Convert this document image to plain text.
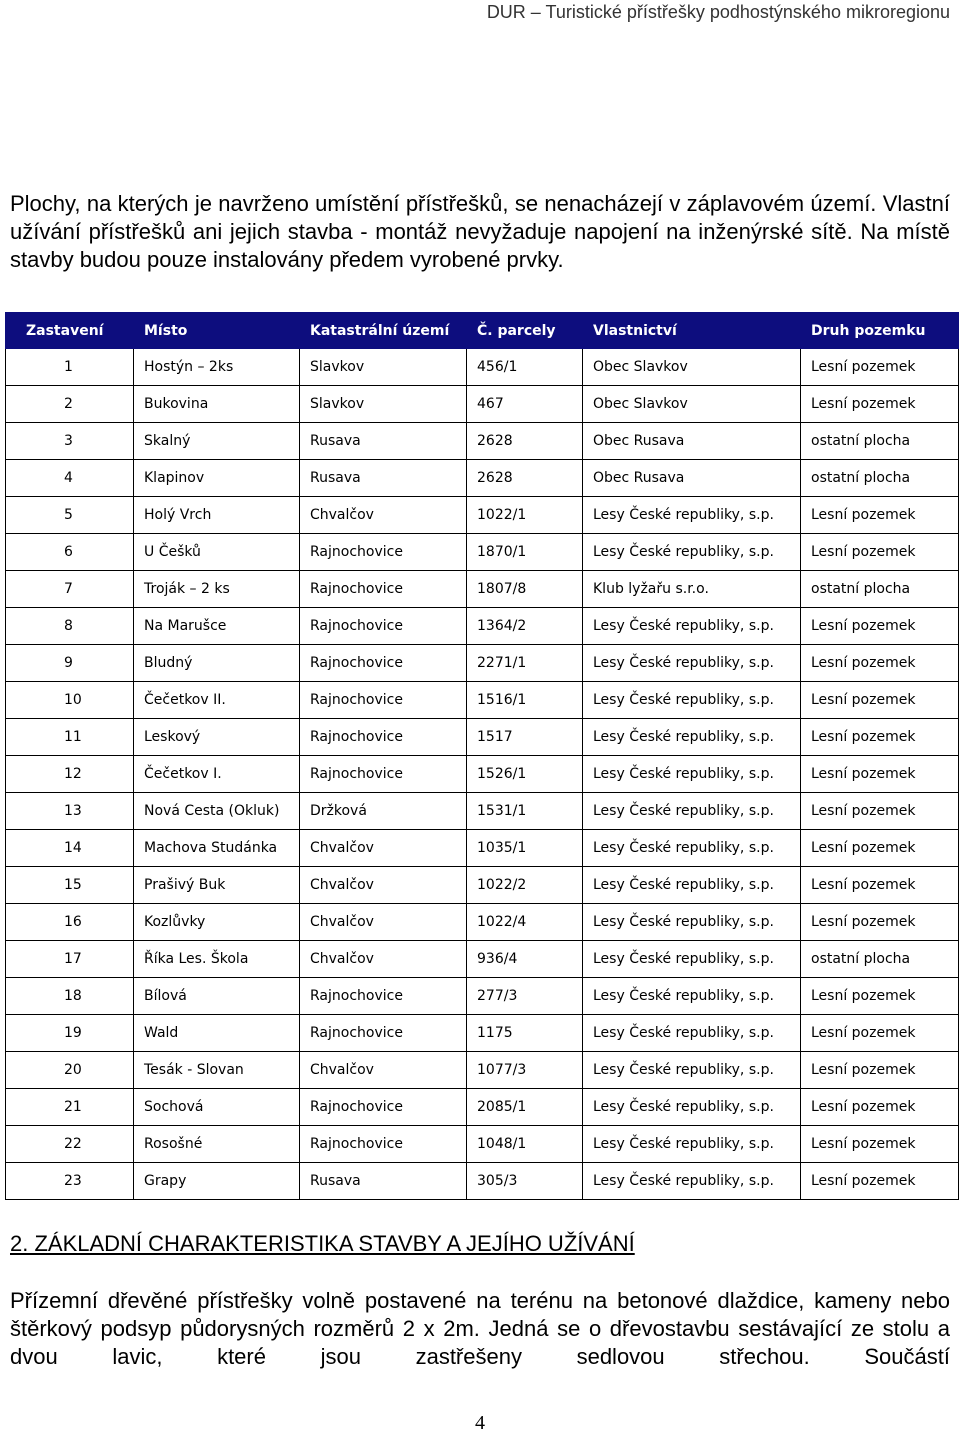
DUR – Turistické přístřešky podhostýnského mikroregionu

Plochy, na kterých je navrženo umístění přístřešků, se nenacházejí v záplavovém území. Vlastní užívání přístřešků ani jejich stavba - montáž nevyžaduje napojení na inženýrské sítě. Na místě stavby budou pouze instalovány předem vyrobené prvky.

Zastavení	Místo	Katastrální území	Č. parcely	Vlastnictví	Druh pozemku
1	Hostýn – 2ks	Slavkov	456/1	Obec Slavkov	Lesní pozemek
2	Bukovina	Slavkov	467	Obec Slavkov	Lesní pozemek
3	Skalný	Rusava	2628	Obec Rusava	ostatní plocha
4	Klapinov	Rusava	2628	Obec Rusava	ostatní plocha
5	Holý Vrch	Chvalčov	1022/1	Lesy České republiky, s.p.	Lesní pozemek
6	U Češků	Rajnochovice	1870/1	Lesy České republiky, s.p.	Lesní pozemek
7	Troják – 2 ks	Rajnochovice	1807/8	Klub lyžařu s.r.o.	ostatní plocha
8	Na Marušce	Rajnochovice	1364/2	Lesy České republiky, s.p.	Lesní pozemek
9	Bludný	Rajnochovice	2271/1	Lesy České republiky, s.p.	Lesní pozemek
10	Čečetkov II.	Rajnochovice	1516/1	Lesy České republiky, s.p.	Lesní pozemek
11	Leskový	Rajnochovice	1517	Lesy České republiky, s.p.	Lesní pozemek
12	Čečetkov I.	Rajnochovice	1526/1	Lesy České republiky, s.p.	Lesní pozemek
13	Nová Cesta (Okluk)	Držková	1531/1	Lesy České republiky, s.p.	Lesní pozemek
14	Machova Studánka	Chvalčov	1035/1	Lesy České republiky, s.p.	Lesní pozemek
15	Prašivý Buk	Chvalčov	1022/2	Lesy České republiky, s.p.	Lesní pozemek
16	Kozlůvky	Chvalčov	1022/4	Lesy České republiky, s.p.	Lesní pozemek
17	Říka Les. Škola	Chvalčov	936/4	Lesy České republiky, s.p.	ostatní plocha
18	Bílová	Rajnochovice	277/3	Lesy České republiky, s.p.	Lesní pozemek
19	Wald	Rajnochovice	1175	Lesy České republiky, s.p.	Lesní pozemek
20	Tesák - Slovan	Chvalčov	1077/3	Lesy České republiky, s.p.	Lesní pozemek
21	Sochová	Rajnochovice	2085/1	Lesy České republiky, s.p.	Lesní pozemek
22	Rosošné	Rajnochovice	1048/1	Lesy České republiky, s.p.	Lesní pozemek
23	Grapy	Rusava	305/3	Lesy České republiky, s.p.	Lesní pozemek
2. ZÁKLADNÍ CHARAKTERISTIKA STAVBY A JEJÍHO UŽÍVÁNÍ

Přízemní dřevěné přístřešky volně postavené na terénu na betonové dlaždice, kameny nebo štěrkový podsyp půdorysných rozměrů 2 x 2m. Jedná se o dřevostavbu sestávající ze stolu a dvou lavic, které jsou zastřešeny sedlovou střechou. Součástí

4
